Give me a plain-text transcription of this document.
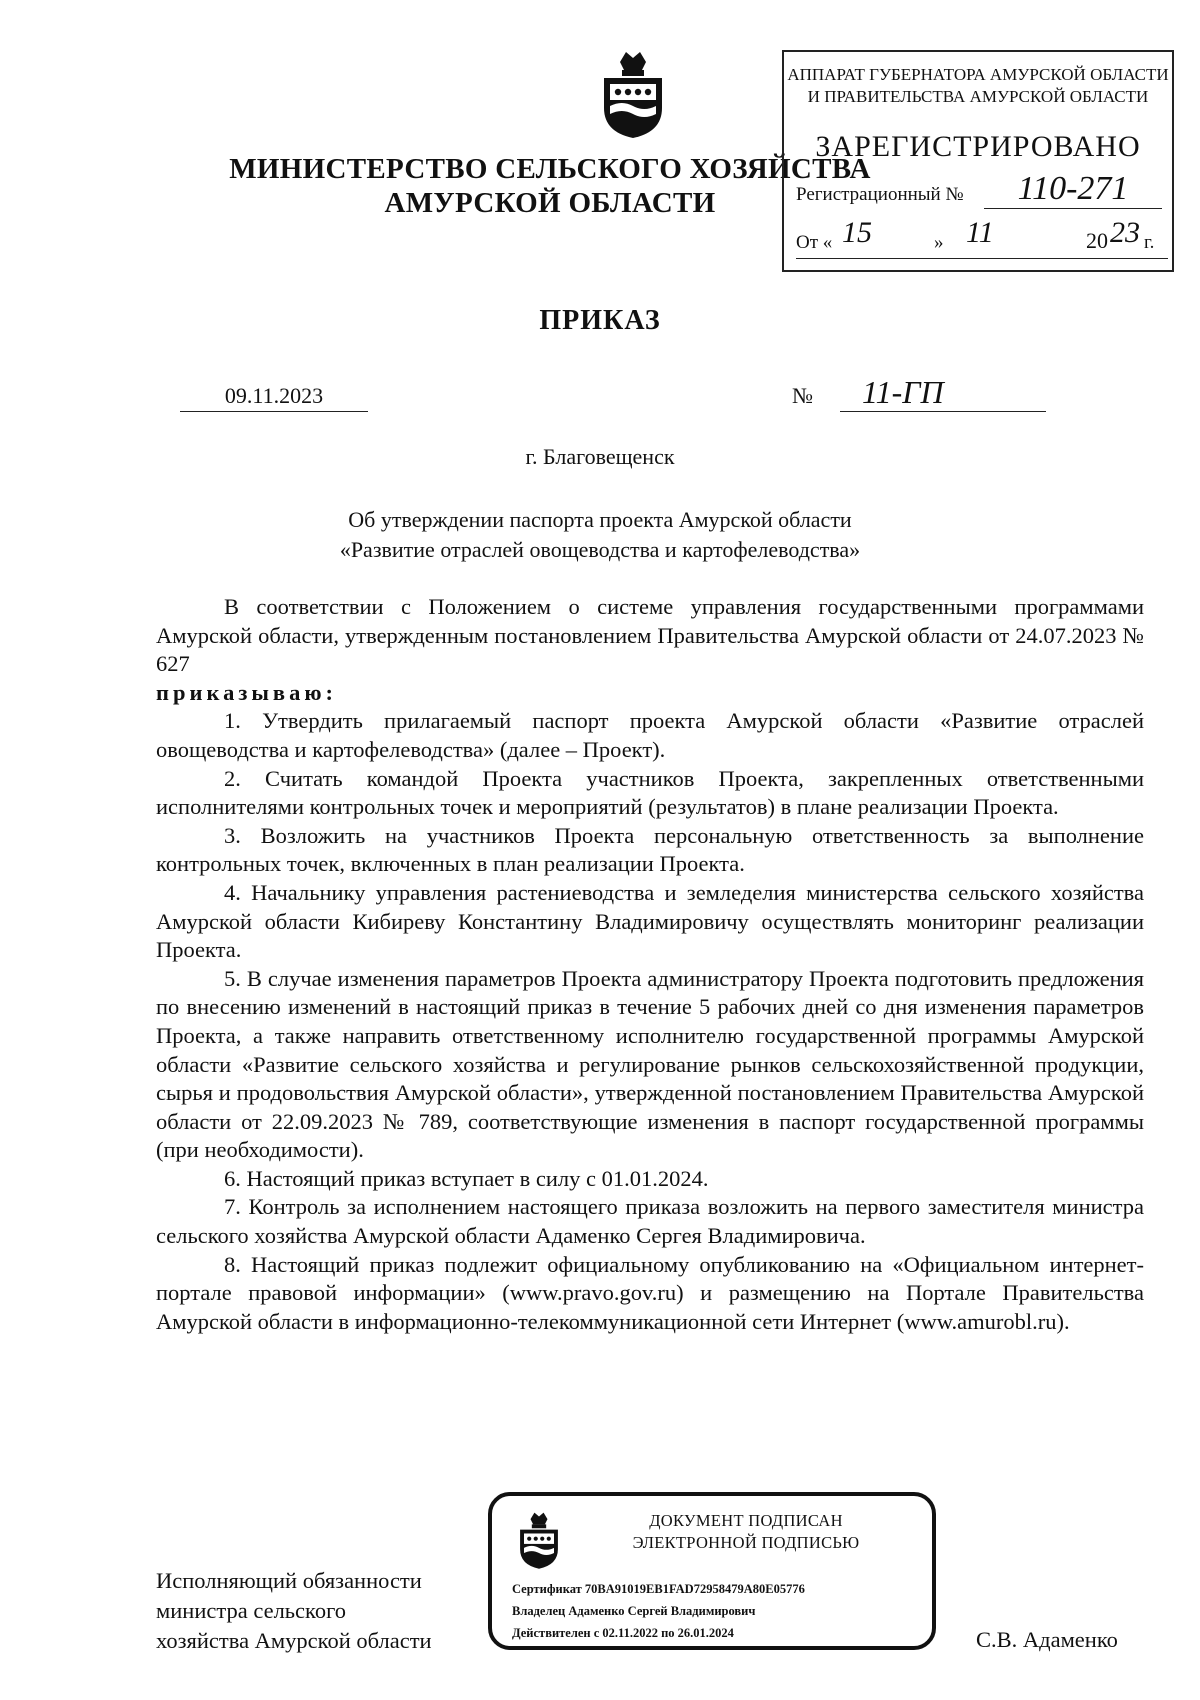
МИНИСТЕРСТВО СЕЛЬСКОГО ХОЗЯЙСТВА
АМУРСКОЙ ОБЛАСТИ
АППАРАТ ГУБЕРНАТОРА АМУРСКОЙ ОБЛАСТИ
И ПРАВИТЕЛЬСТВА АМУРСКОЙ ОБЛАСТИ
ЗАРЕГИСТРИРОВАНО
Регистрационный №	110-271
От « 15	» 11	20 23 г.
ПРИКАЗ
09.11.2023	№	11-ГП
г. Благовещенск
Об утверждении паспорта проекта Амурской области
«Развитие отраслей овощеводства и картофелеводства»

В соответствии с Положением о системе управления государственными программами Амурской области, утвержденным постановлением Правительства Амурской области от 24.07.2023 № 627

приказываю:

1. Утвердить прилагаемый паспорт проекта Амурской области «Развитие отраслей овощеводства и картофелеводства» (далее – Проект).

2. Считать командой Проекта участников Проекта, закрепленных ответственными исполнителями контрольных точек и мероприятий (результатов) в плане реализации Проекта.

3. Возложить на участников Проекта персональную ответственность за выполнение контрольных точек, включенных в план реализации Проекта.

4. Начальнику управления растениеводства и земледелия министерства сельского хозяйства Амурской области Кибиреву Константину Владимировичу осуществлять мониторинг реализации Проекта.

5. В случае изменения параметров Проекта администратору Проекта подготовить предложения по внесению изменений в настоящий приказ в течение 5 рабочих дней со дня изменения параметров Проекта, а также направить ответственному исполнителю государственной программы Амурской области «Развитие сельского хозяйства и регулирование рынков сельскохозяйственной продукции, сырья и продовольствия Амурской области», утвержденной постановлением Правительства Амурской области от 22.09.2023 № 789, соответствующие изменения в паспорт государственной программы (при необходимости).

6. Настоящий приказ вступает в силу с 01.01.2024.

7. Контроль за исполнением настоящего приказа возложить на первого заместителя министра сельского хозяйства Амурской области Адаменко Сергея Владимировича.

8. Настоящий приказ подлежит официальному опубликованию на «Официальном интернет-портале правовой информации» (www.pravo.gov.ru) и размещению на Портале Правительства Амурской области в информационно-телекоммуникационной сети Интернет (www.amurobl.ru).

Исполняющий обязанности
министра сельского
хозяйства Амурской области	С.В. Адаменко
ДОКУМЕНТ ПОДПИСАН
ЭЛЕКТРОННОЙ ПОДПИСЬЮ
Сертификат 70BA91019EB1FAD72958479A80E05776
Владелец Адаменко Сергей Владимирович
Действителен с 02.11.2022 по 26.01.2024
